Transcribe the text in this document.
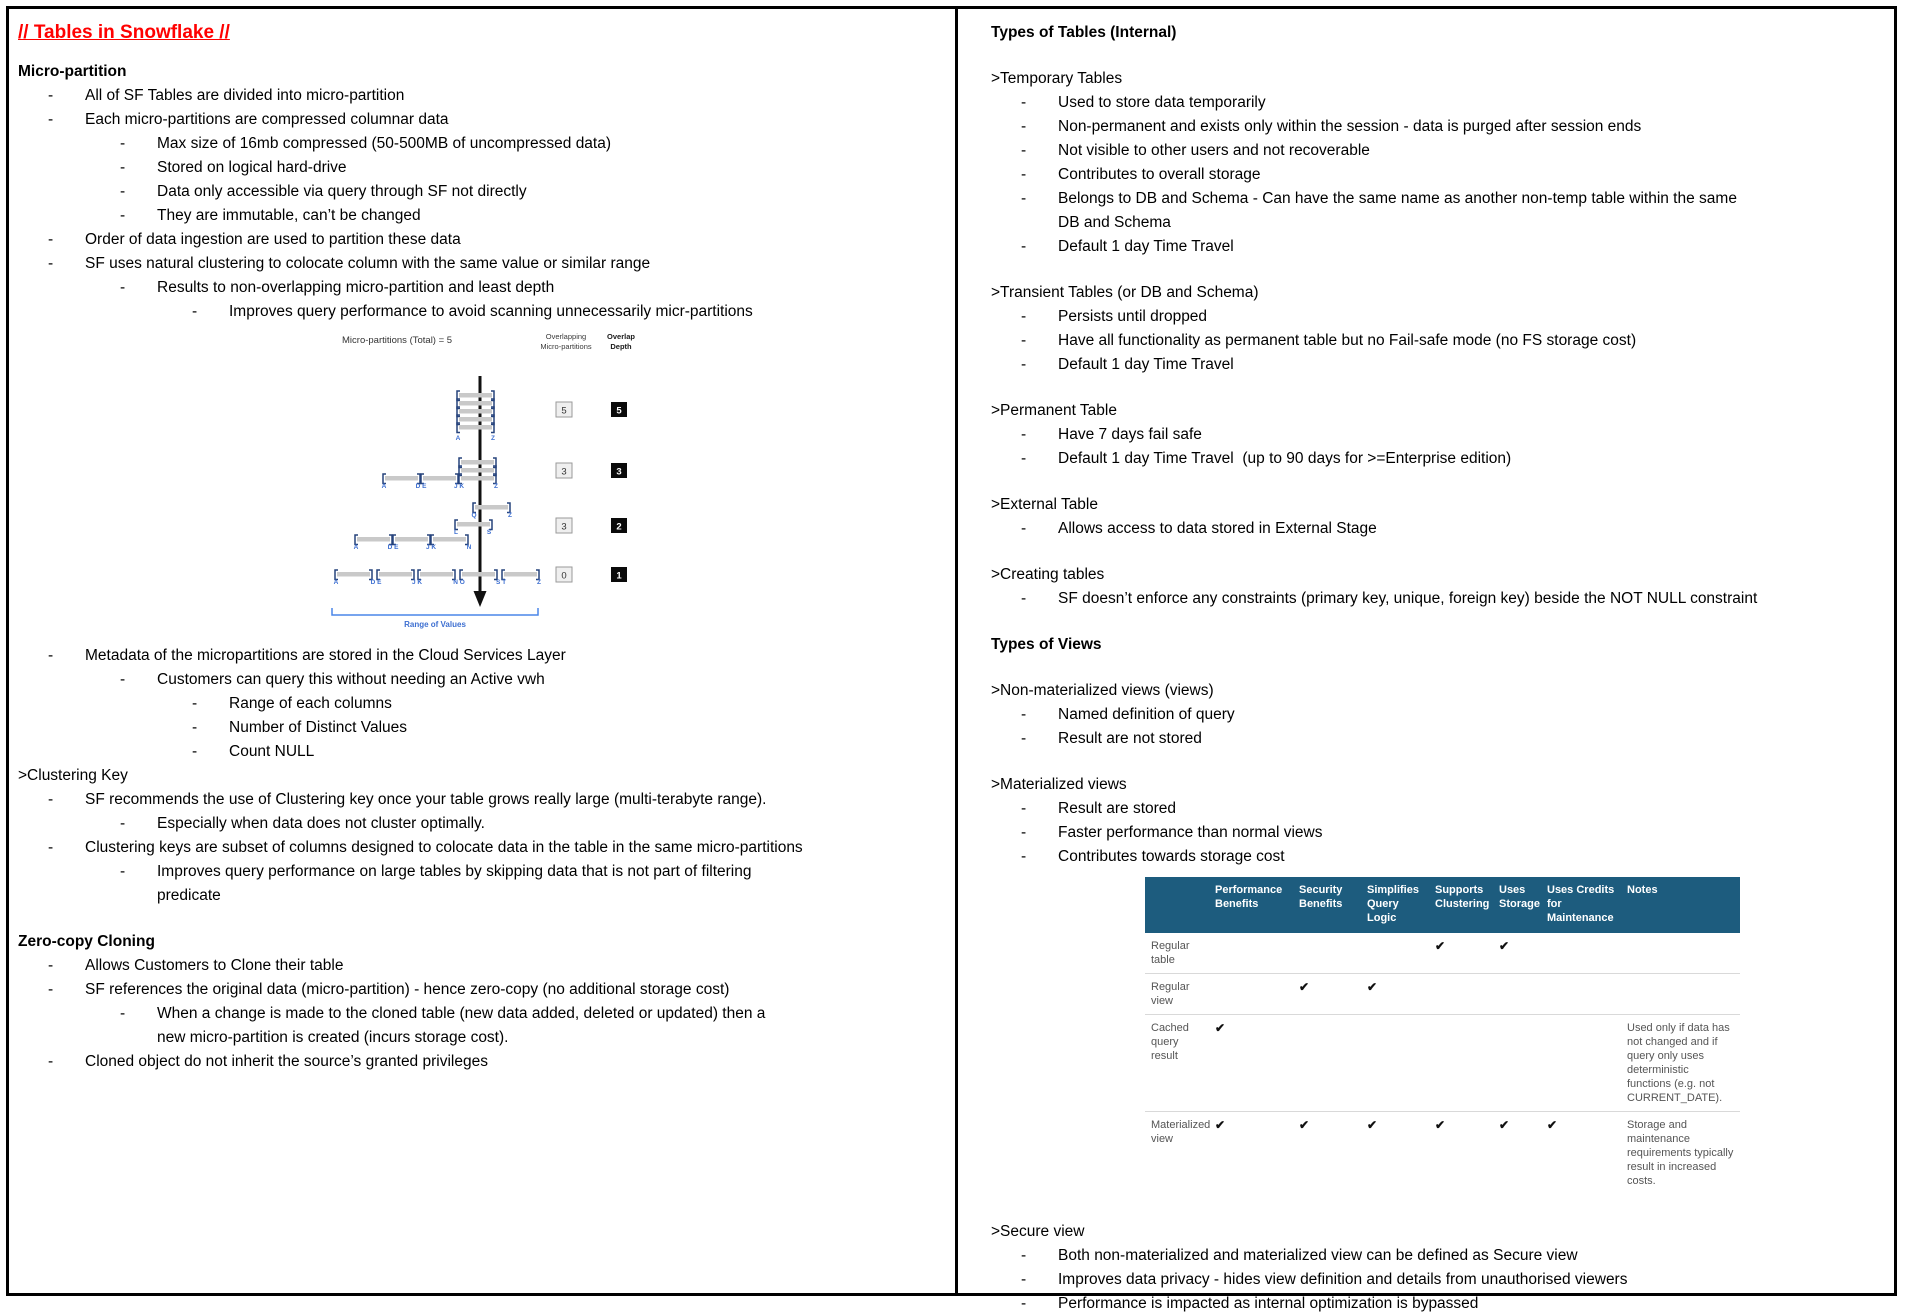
// Tables in Snowflake //
Micro-partition
- All of SF Tables are divided into micro-partition
- Each micro-partitions are compressed columnar data
- Max size of 16mb compressed (50-500MB of uncompressed data)
- Stored on logical hard-drive
- Data only accessible via query through SF not directly
- They are immutable, can’t be changed
- Order of data ingestion are used to partition these data
- SF uses natural clustering to colocate column with the same value or similar range
- Results to non-overlapping micro-partition and least depth
- Improves query performance to avoid scanning unnecessarily micr-partitions
Micro-partitions (Total) = 5	Overlapping
Micro-partitions
Overlap
Depth
A	Z
A	D E	J K	Z
Q	Z
L	S
A	D E	J K	N
A	D E	J K	N O	S T	Z
5
3
3
0
5
3
2
1
Range of Values
- Metadata of the micropartitions are stored in the Cloud Services Layer
- Customers can query this without needing an Active vwh
- Range of each columns
- Number of Distinct Values
- Count NULL
>Clustering Key
- SF recommends the use of Clustering key once your table grows really large (multi-terabyte range).
- Especially when data does not cluster optimally.
- Clustering keys are subset of columns designed to colocate data in the table in the same micro-partitions
- Improves query performance on large tables by skipping data that is not part of filtering predicate
Zero-copy Cloning
- Allows Customers to Clone their table
- SF references the original data (micro-partition) - hence zero-copy (no additional storage cost)
- When a change is made to the cloned table (new data added, deleted or updated) then a new micro-partition is created (incurs storage cost).
- Cloned object do not inherit the source’s granted privileges
Types of Tables (Internal)
>Temporary Tables
- Used to store data temporarily
- Non-permanent and exists only within the session - data is purged after session ends
- Not visible to other users and not recoverable
- Contributes to overall storage
- Belongs to DB and Schema - Can have the same name as another non-temp table within the same DB and Schema
- Default 1 day Time Travel
>Transient Tables (or DB and Schema)
- Persists until dropped
- Have all functionality as permanent table but no Fail-safe mode (no FS storage cost)
- Default 1 day Time Travel
>Permanent Table
- Have 7 days fail safe
- Default 1 day Time Travel  (up to 90 days for >=Enterprise edition)
>External Table
- Allows access to data stored in External Stage
>Creating tables
- SF doesn’t enforce any constraints (primary key, unique, foreign key) beside the NOT NULL constraint
Types of Views
>Non-materialized views (views)
- Named definition of query
- Result are not stored
>Materialized views
- Result are stored
- Faster performance than normal views
- Contributes towards storage cost
	Performance Benefits	Security Benefits	Simplifies Query Logic	Supports Clustering	Uses Storage	Uses Credits for Maintenance	Notes
Regular table				✔	✔		
Regular view		✔	✔				
Cached query result	✔						Used only if data has not changed and if query only uses deterministic functions (e.g. not CURRENT_DATE).
Materialized view	✔	✔	✔	✔	✔	✔	Storage and maintenance requirements typically result in increased costs.
>Secure view
- Both non-materialized and materialized view can be defined as Secure view
- Improves data privacy - hides view definition and details from unauthorised viewers
- Performance is impacted as internal optimization is bypassed
